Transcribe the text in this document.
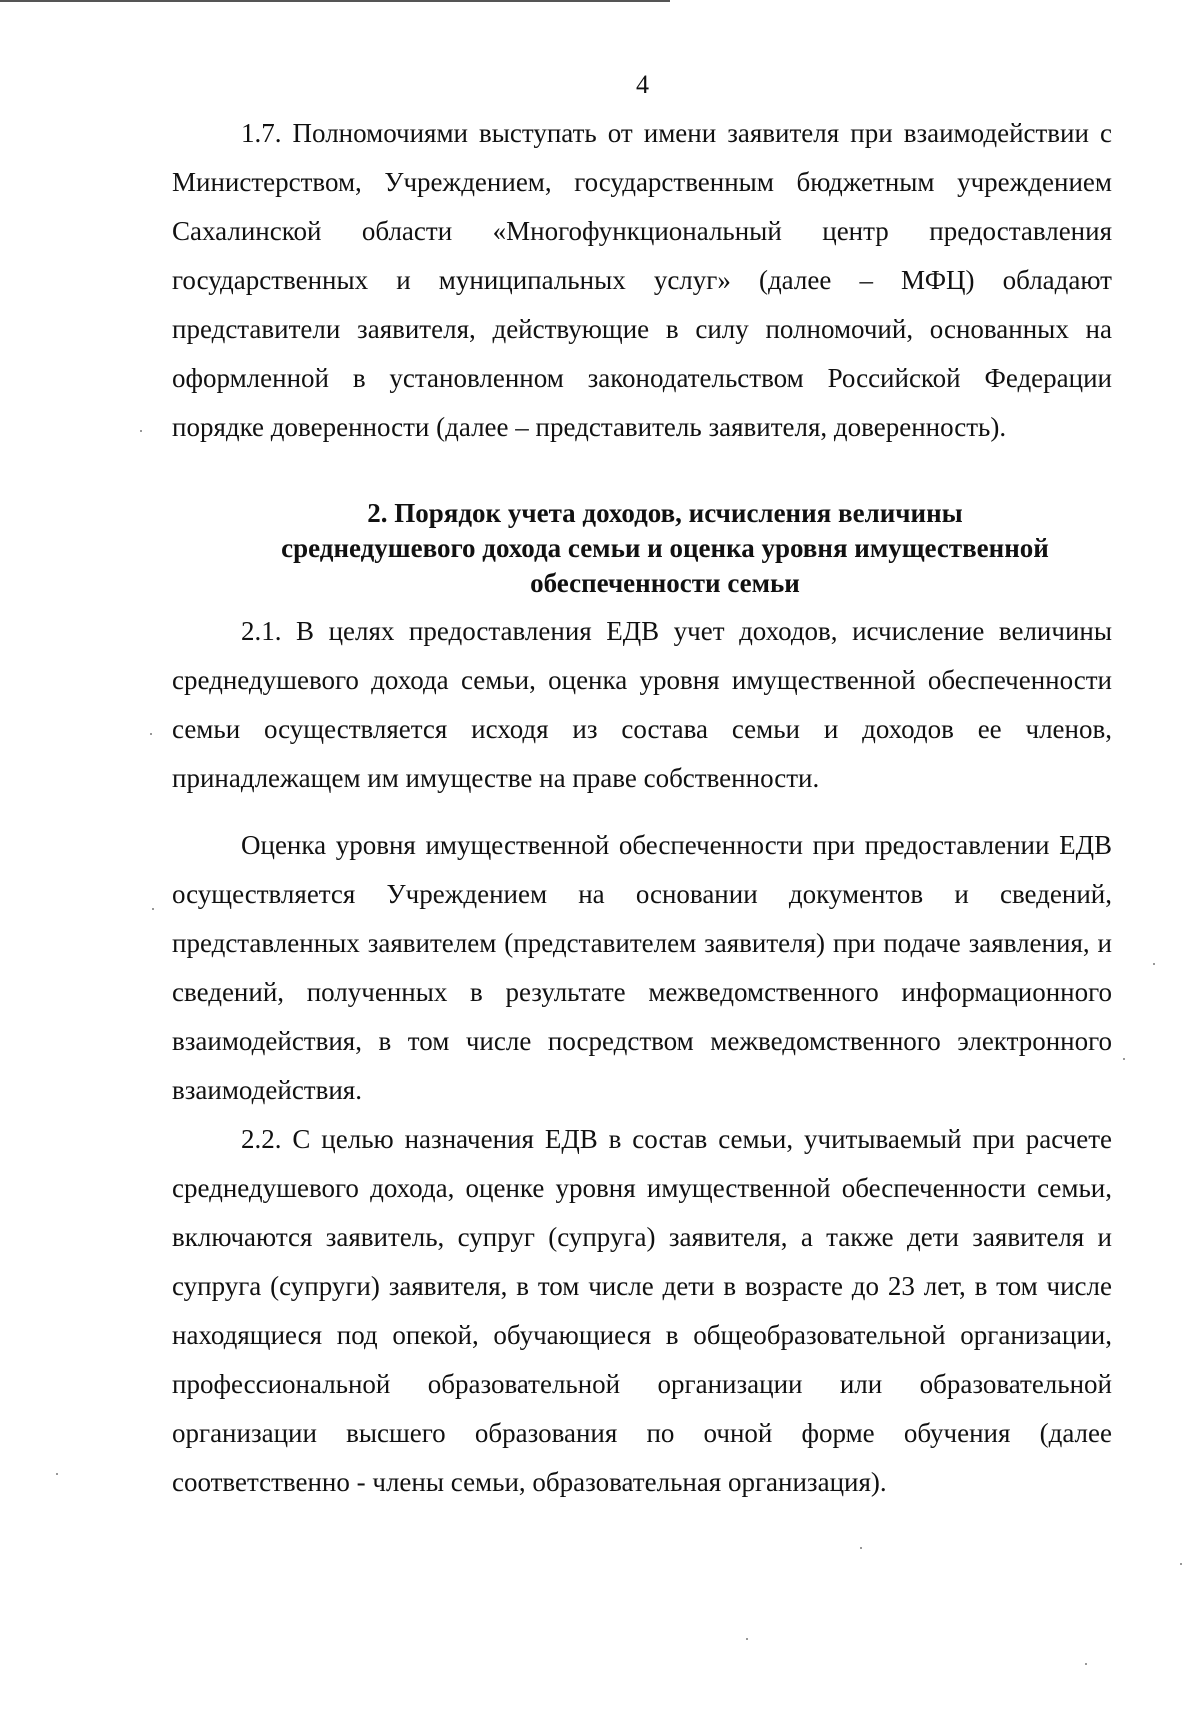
4

1.7. Полномочиями выступать от имени заявителя при взаимодействии с Министерством, Учреждением, государственным бюджетным учреждением Сахалинской области «Многофункциональный центр предоставления государственных и муниципальных услуг» (далее – МФЦ) обладают представители заявителя, действующие в силу полномочий, основанных на оформленной в установленном законодательством Российской Федерации порядке доверенности (далее – представитель заявителя, доверенность).

2. Порядок учета доходов, исчисления величины
среднедушевого дохода семьи и оценка уровня имущественной
обеспеченности семьи

2.1. В целях предоставления ЕДВ учет доходов, исчисление величины среднедушевого дохода семьи, оценка уровня имущественной обеспеченности семьи осуществляется исходя из состава семьи и доходов ее членов, принадлежащем им имуществе на праве собственности.

Оценка уровня имущественной обеспеченности при предоставлении ЕДВ осуществляется Учреждением на основании документов и сведений, представленных заявителем (представителем заявителя) при подаче заявления, и сведений, полученных в результате межведомственного информационного взаимодействия, в том числе посредством межведомственного электронного взаимодействия.

2.2. С целью назначения ЕДВ в состав семьи, учитываемый при расчете среднедушевого дохода, оценке уровня имущественной обеспеченности семьи, включаются заявитель, супруг (супруга) заявителя, а также дети заявителя и супруга (супруги) заявителя, в том числе дети в возрасте до 23 лет, в том числе находящиеся под опекой, обучающиеся в общеобразовательной организации, профессиональной образовательной организации или образовательной организации высшего образования по очной форме обучения (далее соответственно - члены семьи, образовательная организация).
